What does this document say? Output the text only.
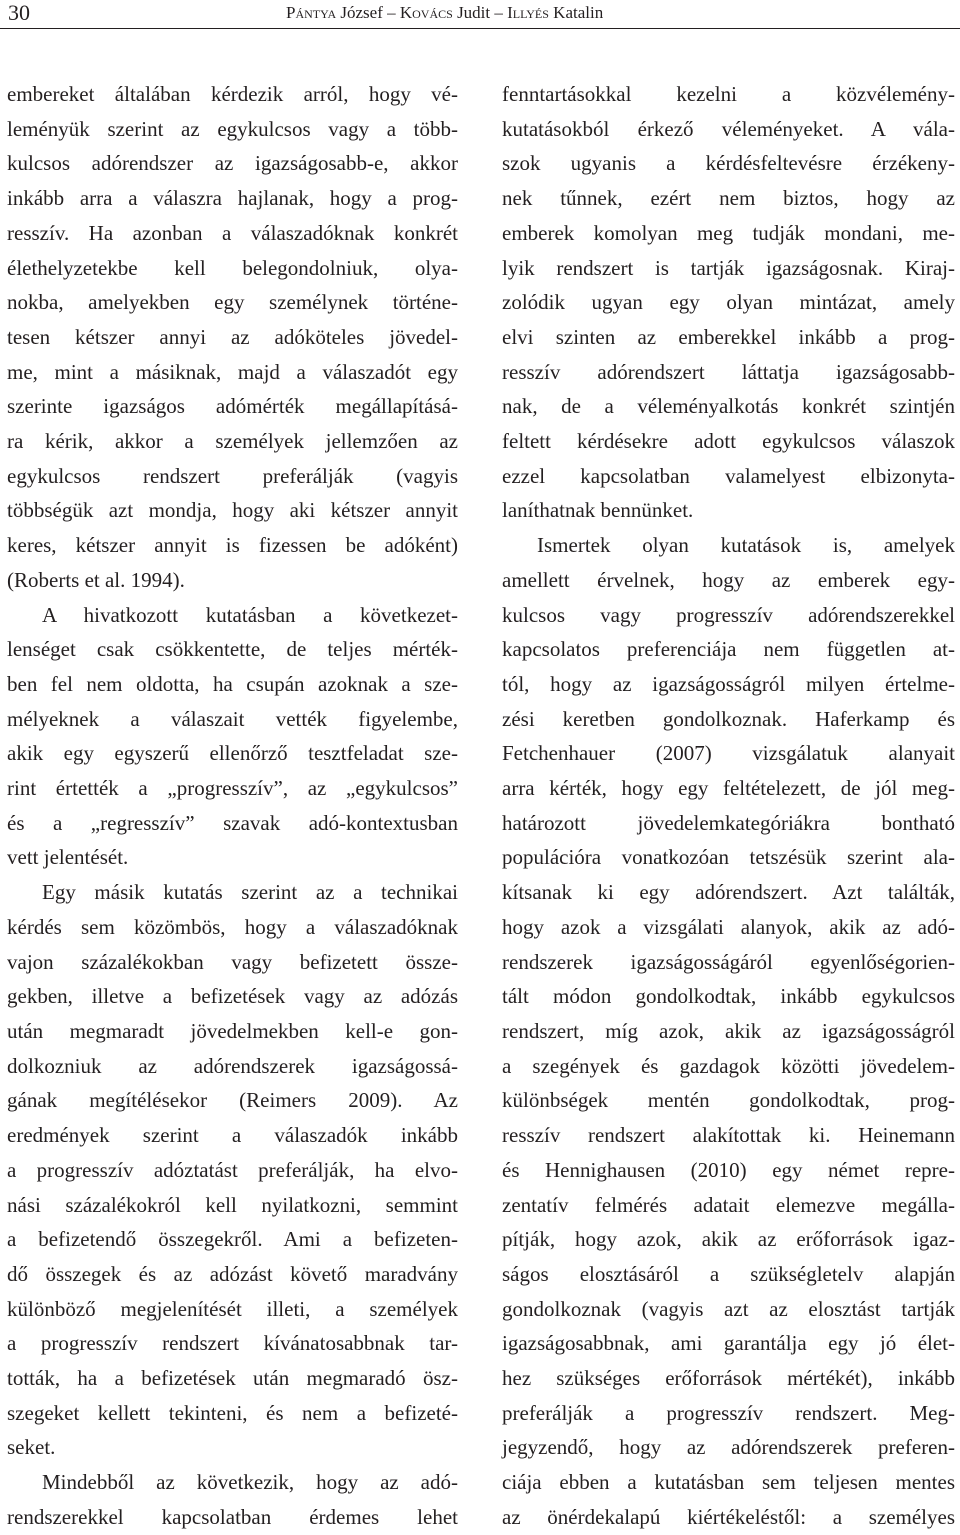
30	Pántya József – Kovács Judit – Illyés Katalin

embereket általában kérdezik arról, hogy vé-

leményük szerint az egykulcsos vagy a több-

kulcsos adórendszer az igazságosabb-e, akkor

inkább arra a válaszra hajlanak, hogy a prog-

resszív. Ha azonban a válaszadóknak konkrét

élethelyzetekbe kell belegondolniuk, olya-

nokba, amelyekben egy személynek történe-

tesen kétszer annyi az adóköteles jövedel-

me, mint a másiknak, majd a válaszadót egy

szerinte igazságos adómérték megállapításá-

ra kérik, akkor a személyek jellemzően az

egykulcsos rendszert preferálják (vagyis

többségük azt mondja, hogy aki kétszer annyit

keres, kétszer annyit is fizessen be adóként)

(Roberts et al. 1994).

A hivatkozott kutatásban a következet-

lenséget csak csökkentette, de teljes mérték-

ben fel nem oldotta, ha csupán azoknak a sze-

mélyeknek a válaszait vették figyelembe,

akik egy egyszerű ellenőrző tesztfeladat sze-

rint értették a „progresszív”, az „egykulcsos”

és a „regresszív” szavak adó-kontextusban

vett jelentését.

Egy másik kutatás szerint az a technikai

kérdés sem közömbös, hogy a válaszadóknak

vajon százalékokban vagy befizetett össze-

gekben, illetve a befizetések vagy az adózás

után megmaradt jövedelmekben kell-e gon-

dolkozniuk az adórendszerek igazságossá-

gának megítélésekor (Reimers 2009). Az

eredmények szerint a válaszadók inkább

a progresszív adóztatást preferálják, ha elvo-

nási százalékokról kell nyilatkozni, semmint

a befizetendő összegekről. Ami a befizeten-

dő összegek és az adózást követő maradvány

különböző megjelenítését illeti, a személyek

a progresszív rendszert kívánatosabbnak tar-

tották, ha a befizetések után megmaradó ösz-

szegeket kellett tekinteni, és nem a befizeté-

seket.

Mindebből az következik, hogy az adó-

rendszerekkel kapcsolatban érdemes lehet

fenntartásokkal kezelni a közvélemény-

kutatásokból érkező véleményeket. A vála-

szok ugyanis a kérdésfeltevésre érzékeny-

nek tűnnek, ezért nem biztos, hogy az

emberek komolyan meg tudják mondani, me-

lyik rendszert is tartják igazságosnak. Kiraj-

zolódik ugyan egy olyan mintázat, amely

elvi szinten az emberekkel inkább a prog-

resszív adórendszert láttatja igazságosabb-

nak, de a véleményalkotás konkrét szintjén

feltett kérdésekre adott egykulcsos válaszok

ezzel kapcsolatban valamelyest elbizonyta-

laníthatnak bennünket.

Ismertek olyan kutatások is, amelyek

amellett érvelnek, hogy az emberek egy-

kulcsos vagy progresszív adórendszerekkel

kapcsolatos preferenciája nem független at-

tól, hogy az igazságosságról milyen értelme-

zési keretben gondolkoznak. Haferkamp és

Fetchenhauer (2007) vizsgálatuk alanyait

arra kérték, hogy egy feltételezett, de jól meg-

határozott jövedelemkategóriákra bontható

populációra vonatkozóan tetszésük szerint ala-

kítsanak ki egy adórendszert. Azt találták,

hogy azok a vizsgálati alanyok, akik az adó-

rendszerek igazságosságáról egyenlőségorien-

tált módon gondolkodtak, inkább egykulcsos

rendszert, míg azok, akik az igazságosságról

a szegények és gazdagok közötti jövedelem-

különbségek mentén gondolkodtak, prog-

resszív rendszert alakítottak ki. Heinemann

és Hennighausen (2010) egy német repre-

zentatív felmérés adatait elemezve megálla-

pítják, hogy azok, akik az erőforrások igaz-

ságos elosztásáról a szükségletelv alapján

gondolkoznak (vagyis azt az elosztást tartják

igazságosabbnak, ami garantálja egy jó élet-

hez szükséges erőforrások mértékét), inkább

preferálják a progresszív rendszert. Meg-

jegyzendő, hogy az adórendszerek preferen-

ciája ebben a kutatásban sem teljesen mentes

az önérdekalapú kiértékeléstől: a személyes
